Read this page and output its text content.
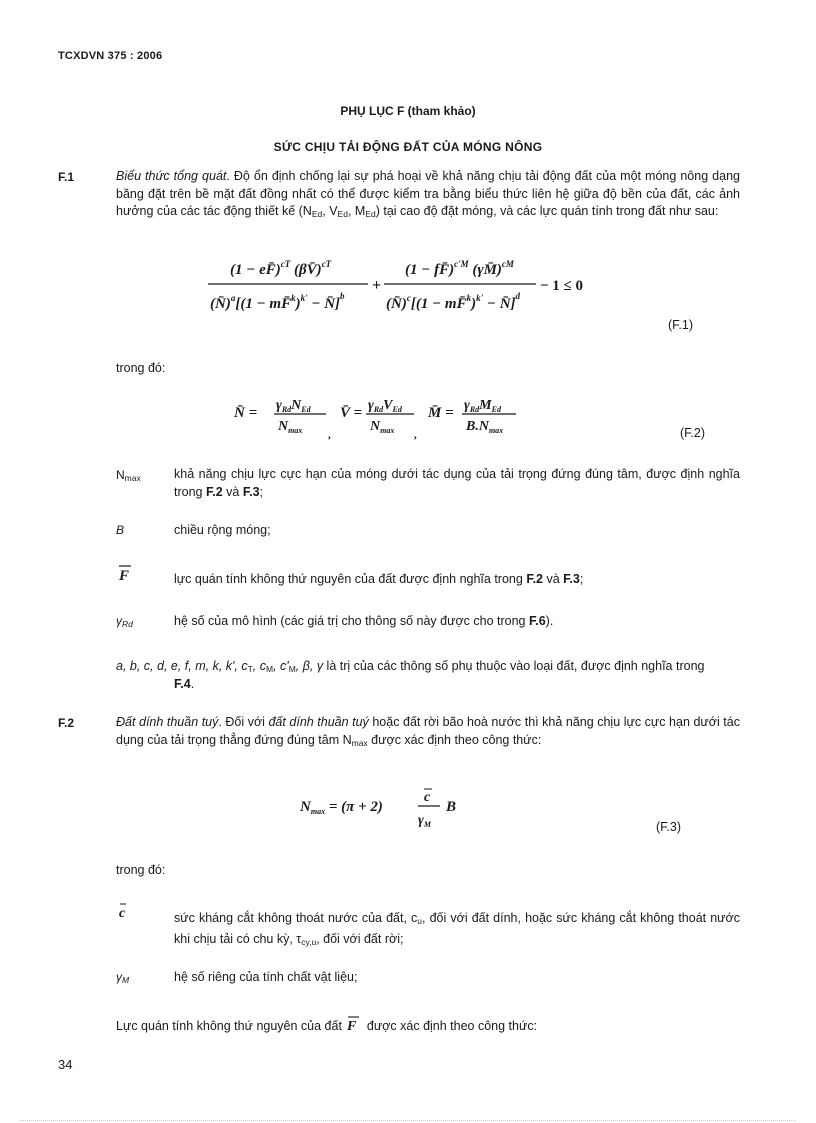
TCXDVN 375 : 2006
PHỤ LỤC F (tham khảo)
SỨC CHỊU TẢI ĐỘNG ĐẤT CỦA MÓNG NÔNG
F.1	Biểu thức tổng quát. Độ ổn định chống lại sự phá hoại về khả năng chịu tải động đất của một móng nông dạng băng đặt trên bề mặt đất đồng nhất có thể được kiểm tra bằng biểu thức liên hệ giữa độ bền của đất, các ảnh hưởng của các tác động thiết kế ($N_{Ed}$, $V_{Ed}$, $M_{Ed}$) tại cao độ đặt móng, và các lực quán tính trong đất như sau:
(1 − eF̄)$^{cT}$ (βV̄)$^{cT}$
(N̄)$^a$[(1 − mF̄$^k$)$^{k'}$ − N̄]$^b$
+
(1 − fF̄)$^{c'M}$ (γM̄)$^{cM}$
(N̄)$^c$[(1 − mF̄$^k$)$^{k'}$ − N̄]$^d$
− 1 ≤ 0
(F.1)
trong đó:
N̄ = $\gamma_{Rd}N_{Ed}$
$N_{max}$ ,
V̄ = $\gamma_{Rd}V_{Ed}$
$N_{max}$ ,
M̄ = $\gamma_{Rd}M_{Ed}$
$B.N_{max}$	(F.2)
$N_{max}$	khả năng chịu lực cực hạn của móng dưới tác dụng của tải trọng đứng đúng tâm, được định nghĩa trong F.2 và F.3;
B	chiều rộng móng;
F	lực quán tính không thứ nguyên của đất được định nghĩa trong F.2 và F.3;
$\gamma_{Rd}$	hệ số của mô hình (các giá trị cho thông số này được cho trong F.6).
a, b, c, d, e, f, m, k, k', $c_T$, $c_M$, $c'_M$, β, γ là trị của các thông số phụ thuộc vào loại đất, được định nghĩa trong
F.4.
F.2	Đất dính thuần tuý. Đối với đất dính thuần tuý hoặc đất rời bão hoà nước thì khả năng chịu lực cực hạn dưới tác dụng của tải trọng thẳng đứng đúng tâm $N_{max}$ được xác định theo công thức:
$N_{max} = (\pi + 2)$
c
$\gamma_M$
B
(F.3)
trong đó:
c	sức kháng cắt không thoát nước của đất, $c_u$, đối với đất dính, hoặc sức kháng cắt không thoát nước khi chịu tải có chu kỳ, $\tau_{cy,u}$, đối với đất rời;
$\gamma_M$	hệ số riêng của tính chất vật liệu;
Lực quán tính không thứ nguyên của đất F được xác định theo công thức:
34
